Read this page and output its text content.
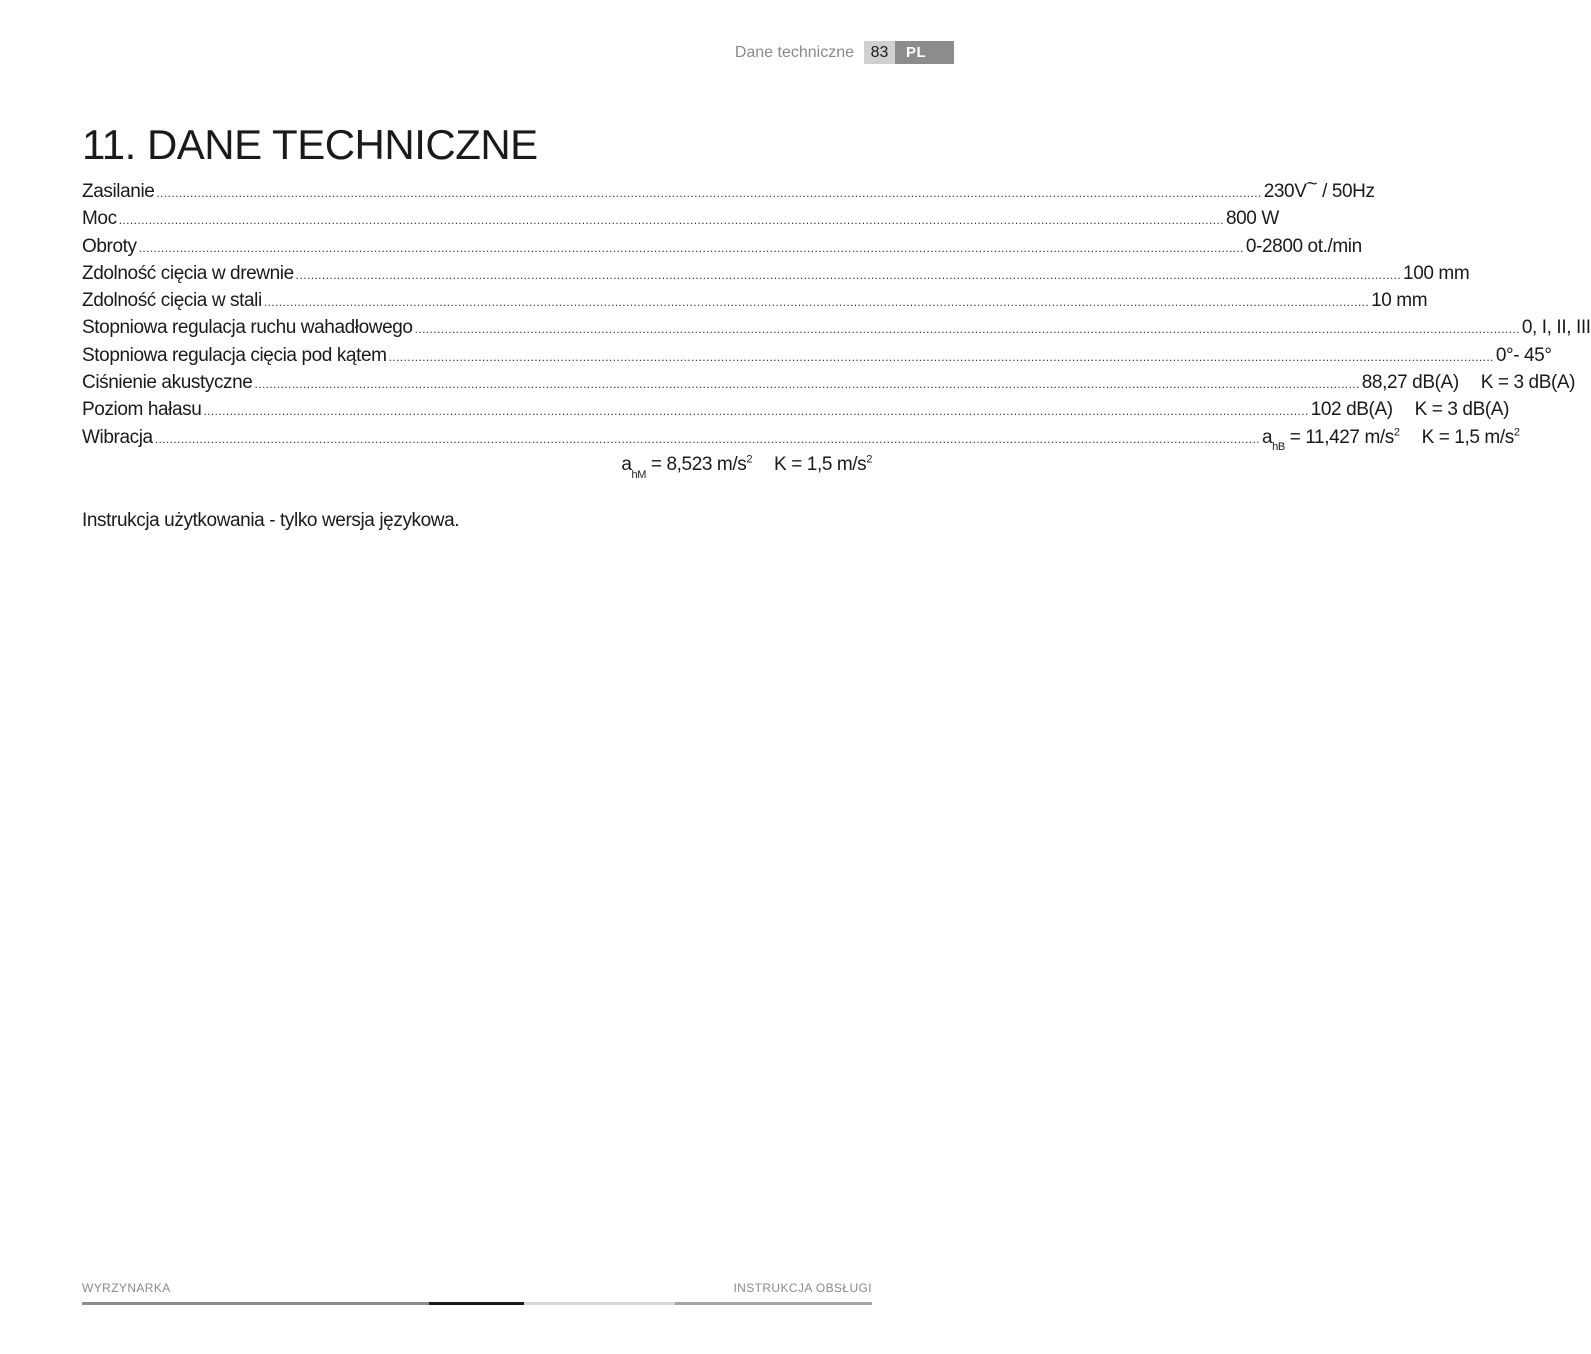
Dane techniczne	83	PL
11. DANE TECHNICZNE
Zasilanie ........................................................................................................................................................................................................................................................................................................ 230V~ / 50Hz
Moc ........................................................................................................................................................................................................................................................................................................ 800 W
Obroty ........................................................................................................................................................................................................................................................................................................ 0-2800 ot./min
Zdolność cięcia w drewnie ........................................................................................................................................................................................................................................................................................................ 100 mm
Zdolność cięcia w stali ........................................................................................................................................................................................................................................................................................................ 10 mm
Stopniowa regulacja ruchu wahadłowego ........................................................................................................................................................................................................................................................................................................ 0, I, II, III
Stopniowa regulacja cięcia pod kątem ........................................................................................................................................................................................................................................................................................................ 0°- 45°
Ciśnienie akustyczne ........................................................................................................................................................................................................................................................................................................ 88,27 dB(A) K = 3 dB(A)
Poziom hałasu ........................................................................................................................................................................................................................................................................................................ 102 dB(A) K = 3 dB(A)
Wibracja ........................................................................................................................................................................................................................................................................................................ $a_{hB} = 11,427$ $m/s^2$ K = 1,5 $m/s^2$
$a_{hM} = 8,523$ $m/s^2$ K = 1,5 $m/s^2$

Instrukcja użytkowania - tylko wersja językowa.

WYRZYNARKA	INSTRUKCJA OBSŁUGI
